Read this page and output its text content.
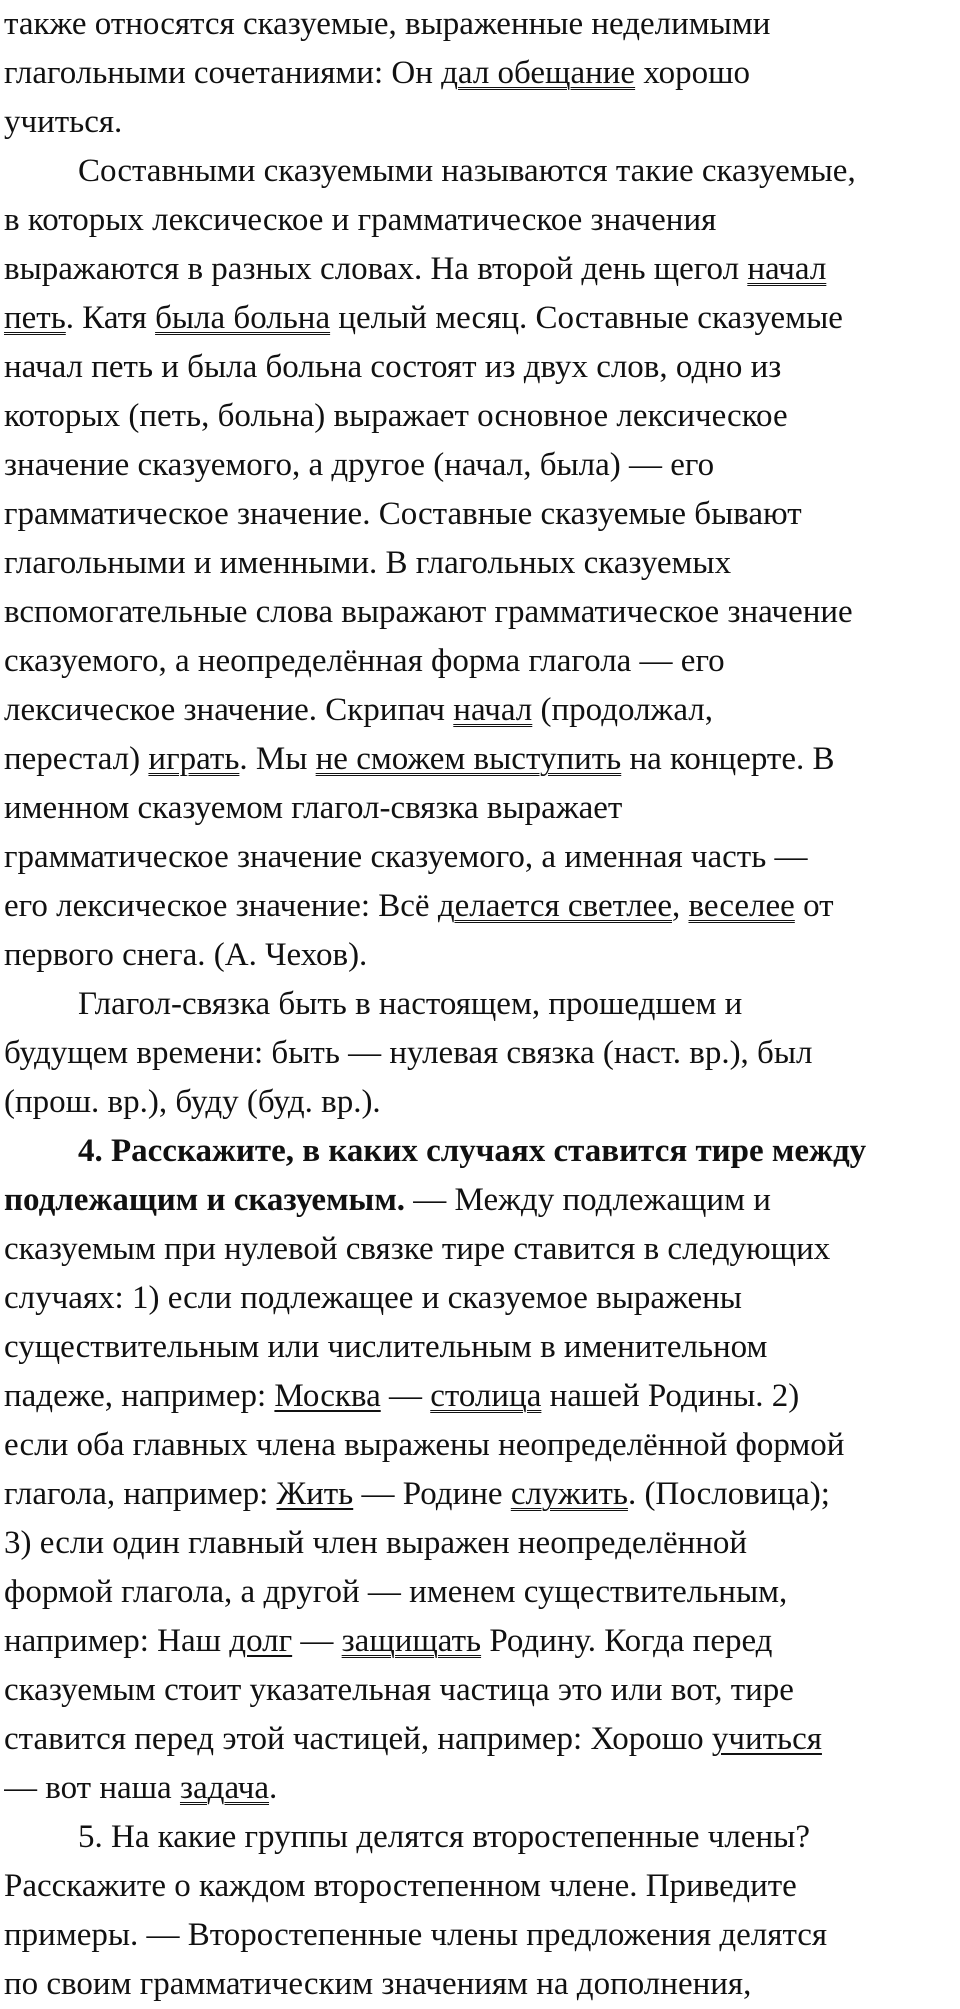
также относятся сказуемые, выраженные неделимыми
глагольными сочетаниями: Он дал обещание хорошо
учиться.
Составными сказуемыми называются такие сказуемые,
в которых лексическое и грамматическое значения
выражаются в разных словах. На второй день щегол начал
петь. Катя была больна целый месяц. Составные сказуемые
начал петь и была больна состоят из двух слов, одно из
которых (петь, больна) выражает основное лексическое
значение сказуемого, а другое (начал, была) — его
грамматическое значение. Составные сказуемые бывают
глагольными и именными. В глагольных сказуемых
вспомогательные слова выражают грамматическое значение
сказуемого, а неопределённая форма глагола — его
лексическое значение. Скрипач начал (продолжал,
перестал) играть. Мы не сможем выступить на концерте. В
именном сказуемом глагол-связка выражает
грамматическое значение сказуемого, а именная часть —
его лексическое значение: Всё делается светлее, веселее от
первого снега. (А. Чехов).
Глагол-связка быть в настоящем, прошедшем и
будущем времени: быть — нулевая связка (наст. вр.), был
(прош. вр.), буду (буд. вр.).
4. Расскажите, в каких случаях ставится тире между
подлежащим и сказуемым. — Между подлежащим и
сказуемым при нулевой связке тире ставится в следующих
случаях: 1) если подлежащее и сказуемое выражены
существительным или числительным в именительном
падеже, например: Москва — столица нашей Родины. 2)
если оба главных члена выражены неопределённой формой
глагола, например: Жить — Родине служить. (Пословица);
3) если один главный член выражен неопределённой
формой глагола, а другой — именем существительным,
например: Наш долг — защищать Родину. Когда перед
сказуемым стоит указательная частица это или вот, тире
ставится перед этой частицей, например: Хорошо учиться
— вот наша задача.
5. На какие группы делятся второстепенные члены?
Расскажите о каждом второстепенном члене. Приведите
примеры. — Второстепенные члены предложения делятся
по своим грамматическим значениям на дополнения,
